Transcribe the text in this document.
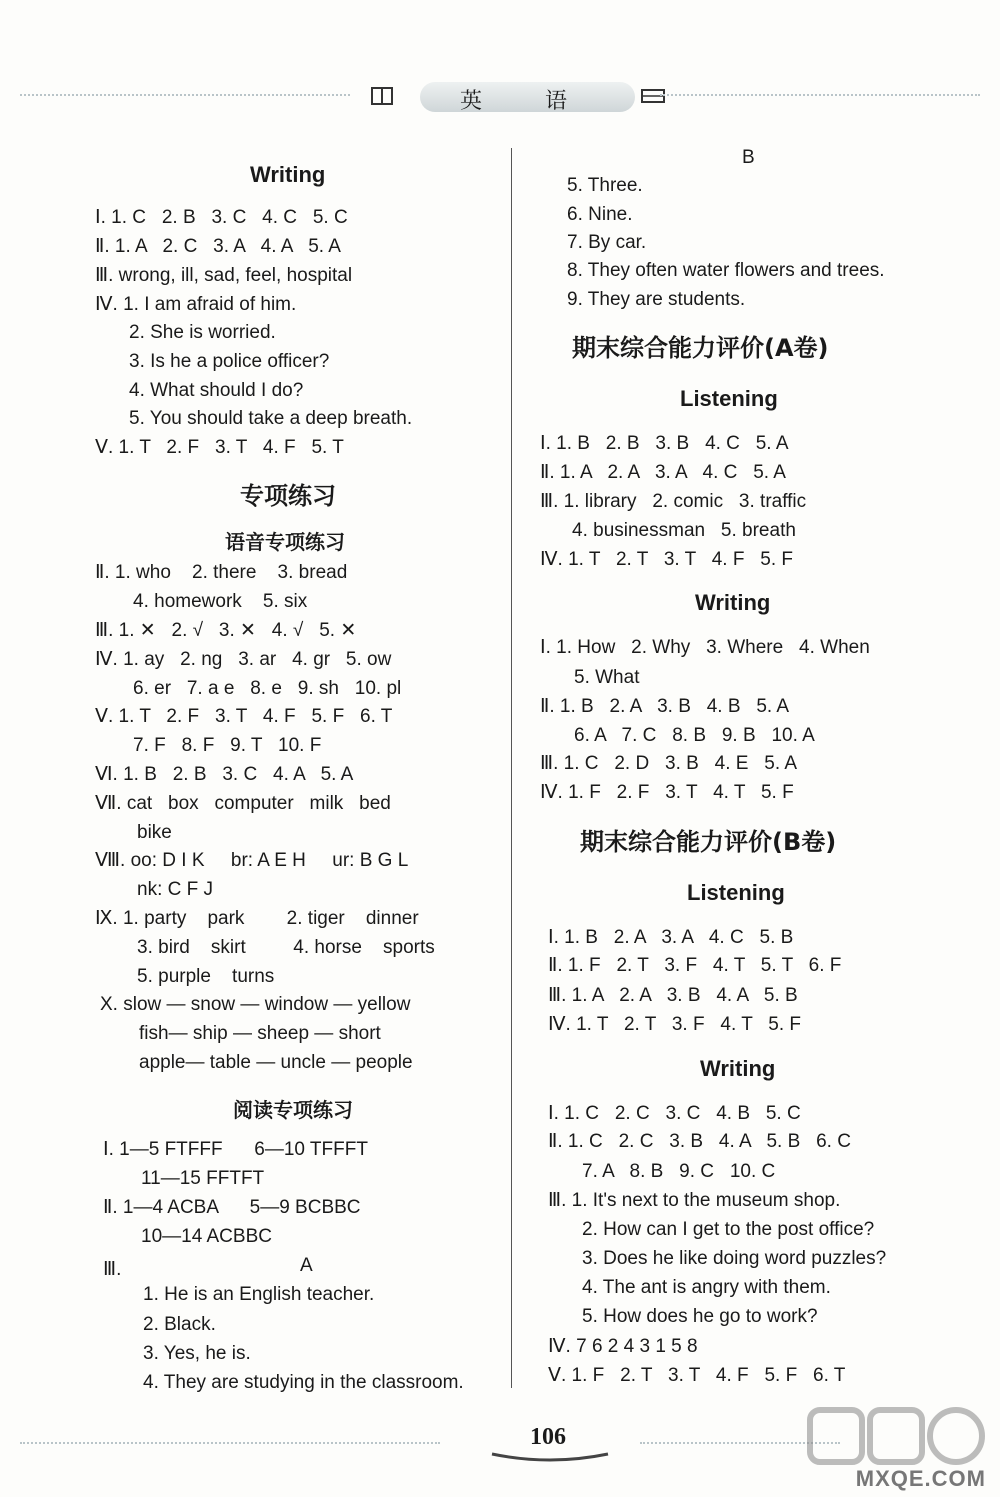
英 语
Writing
Ⅰ. 1. C   2. B   3. C   4. C   5. C
Ⅱ. 1. A   2. C   3. A   4. A   5. A
Ⅲ. wrong, ill, sad, feel, hospital
Ⅳ. 1. I am afraid of him.
2. She is worried.
3. Is he a police officer?
4. What should I do?
5. You should take a deep breath.
Ⅴ. 1. T   2. F   3. T   4. F   5. T
专项练习
语音专项练习
Ⅱ. 1. who    2. there    3. bread
4. homework    5. six
Ⅲ. 1. ✕   2. √   3. ✕   4. √   5. ✕
Ⅳ. 1. ay   2. ng   3. ar   4. gr   5. ow
6. er   7. a e   8. e   9. sh   10. pl
Ⅴ. 1. T   2. F   3. T   4. F   5. F   6. T
7. F   8. F   9. T   10. F
Ⅵ. 1. B   2. B   3. C   4. A   5. A
Ⅶ. cat   box   computer   milk   bed
bike
Ⅷ. oo: D I K     br: A E H     ur: B G L
nk: C F J
Ⅸ. 1. party    park        2. tiger    dinner
3. bird    skirt         4. horse    sports
5. purple    turns
X. slow — snow — window — yellow
fish— ship — sheep — short
apple— table — uncle — people
阅读专项练习
Ⅰ. 1—5 FTFFF      6—10 TFFFT
11—15 FFTFT
Ⅱ. 1—4 ACBA      5—9 BCBBC
10—14 ACBBC
Ⅲ.	A
1. He is an English teacher.
2. Black.
3. Yes, he is.
4. They are studying in the classroom.
B
5. Three.
6. Nine.
7. By car.
8. They often water flowers and trees.
9. They are students.
期末综合能力评价(A卷)
Listening
Ⅰ. 1. B   2. B   3. B   4. C   5. A
Ⅱ. 1. A   2. A   3. A   4. C   5. A
Ⅲ. 1. library   2. comic   3. traffic
4. businessman   5. breath
Ⅳ. 1. T   2. T   3. T   4. F   5. F
Writing
Ⅰ. 1. How   2. Why   3. Where   4. When
5. What
Ⅱ. 1. B   2. A   3. B   4. B   5. A
6. A   7. C   8. B   9. B   10. A
Ⅲ. 1. C   2. D   3. B   4. E   5. A
Ⅳ. 1. F   2. F   3. T   4. T   5. F
期末综合能力评价(B卷)
Listening
Ⅰ. 1. B   2. A   3. A   4. C   5. B
Ⅱ. 1. F   2. T   3. F   4. T   5. T   6. F
Ⅲ. 1. A   2. A   3. B   4. A   5. B
Ⅳ. 1. T   2. T   3. F   4. T   5. F
Writing
Ⅰ. 1. C   2. C   3. C   4. B   5. C
Ⅱ. 1. C   2. C   3. B   4. A   5. B   6. C
7. A   8. B   9. C   10. C
Ⅲ. 1. It's next to the museum shop.
2. How can I get to the post office?
3. Does he like doing word puzzles?
4. The ant is angry with them.
5. How does he go to work?
Ⅳ. 7 6 2 4 3 1 5 8
Ⅴ. 1. F   2. T   3. T   4. F   5. F   6. T
106
MXQE.COM
